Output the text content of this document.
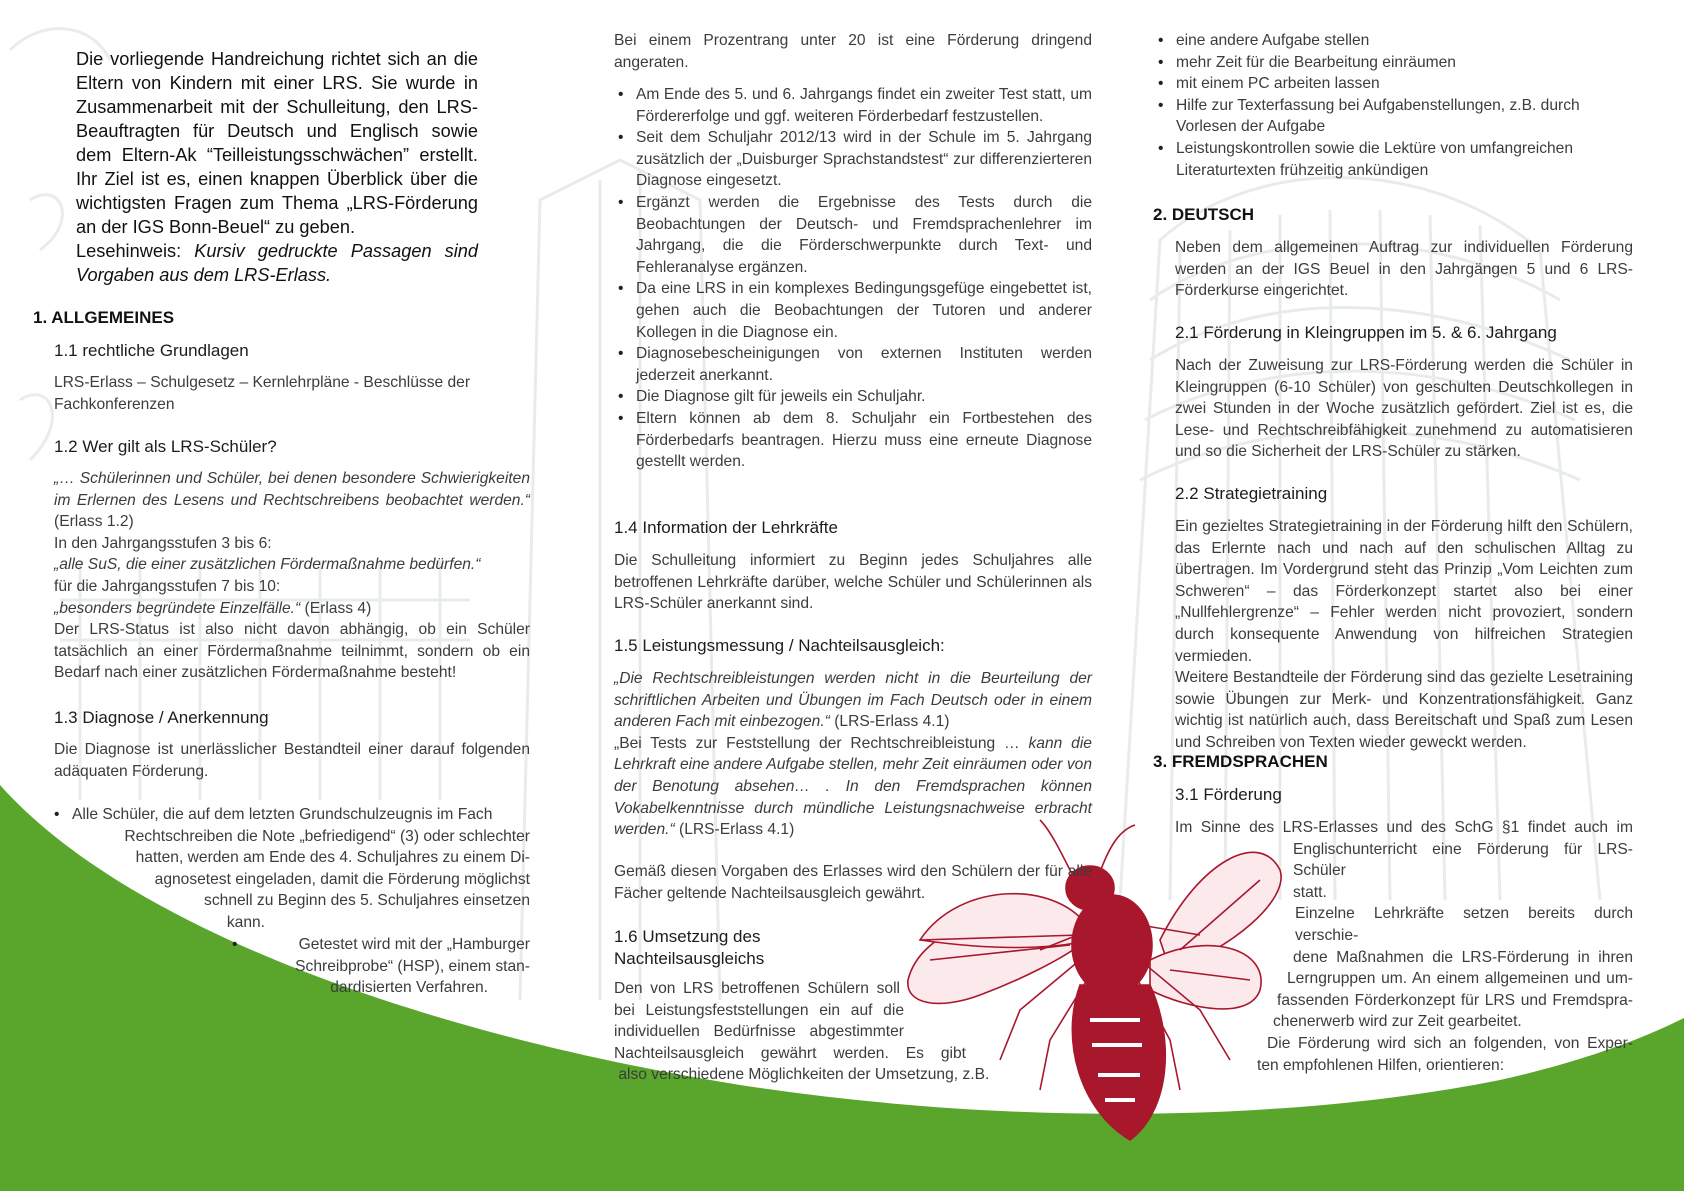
Die vorliegende Handreichung richtet sich an die Eltern von Kindern mit einer LRS. Sie wurde in Zusammenarbeit mit der Schulleitung, den LRS-Beauftragten für Deutsch und Englisch sowie dem Eltern-Ak “Teilleistungsschwächen” erstellt. Ihr Ziel ist es, einen knappen Überblick über die wichtigsten Fragen zum Thema „LRS-Förderung an der IGS Bonn-Beuel“ zu geben.

Lesehinweis: Kursiv gedruckte Passagen sind Vorgaben aus dem LRS-Erlass.

1. ALLGEMEINES
1.1 rechtliche Grundlagen
LRS-Erlass – Schulgesetz – Kernlehrpläne - Beschlüsse der Fachkonferenzen
1.2 Wer gilt als LRS-Schüler?
„… Schülerinnen und Schüler, bei denen besondere Schwierigkeiten im Erlernen des Lesens und Rechtschreibens beobachtet werden.“ (Erlass 1.2)
In den Jahrgangsstufen 3 bis 6:
„alle SuS, die einer zusätzlichen Fördermaßnahme bedürfen.“
für die Jahrgangsstufen 7 bis 10:
„besonders begründete Einzelfälle.“ (Erlass 4)
Der LRS-Status ist also nicht davon abhängig, ob ein Schüler tatsächlich an einer Fördermaßnahme teilnimmt, sondern ob ein Bedarf nach einer zusätzlichen Fördermaßnahme besteht!
1.3 Diagnose / Anerkennung
Die Diagnose ist unerlässlicher Bestandteil einer darauf folgenden adäquaten Förderung.
• Alle Schüler, die auf dem letzten Grundschulzeugnis im Fach
Rechtschreiben die Note „befriedigend“ (3) oder schlechter
hatten, werden am Ende des 4. Schuljahres zu einem Di-
agnosetest eingeladen, damit die Förderung möglichst
schnell zu Beginn des 5. Schuljahres einsetzen
kann.
• Getestet wird mit der „Hamburger
Schreibprobe“ (HSP), einem stan-
dardisierten Verfahren.
Bei einem Prozentrang unter 20 ist eine Förderung dringend angeraten.
• Am Ende des 5. und 6. Jahrgangs findet ein zweiter Test statt, um Fördererfolge und ggf. weiteren Förderbedarf festzustellen.
• Seit dem Schuljahr 2012/13 wird in der Schule im 5. Jahrgang zusätzlich der „Duisburger Sprachstandstest“ zur differenzierteren Diagnose eingesetzt.
• Ergänzt werden die Ergebnisse des Tests durch die Beobachtungen der Deutsch- und Fremdsprachenlehrer im Jahrgang, die die Förderschwerpunkte durch Text- und Fehleranalyse ergänzen.
• Da eine LRS in ein komplexes Bedingungsgefüge eingebettet ist, gehen auch die Beobachtungen der Tutoren und anderer Kollegen in die Diagnose ein.
• Diagnosebescheinigungen von externen Instituten werden jederzeit anerkannt.
• Die Diagnose gilt für jeweils ein Schuljahr.
• Eltern können ab dem 8. Schuljahr ein Fortbestehen des Förderbedarfs beantragen. Hierzu muss eine erneute Diagnose gestellt werden.
1.4 Information der Lehrkräfte
Die Schulleitung informiert zu Beginn jedes Schuljahres alle betroffenen Lehrkräfte darüber, welche Schüler und Schülerinnen als LRS-Schüler anerkannt sind.
1.5 Leistungsmessung / Nachteilsausgleich:
„Die Rechtschreibleistungen werden nicht in die Beurteilung der schriftlichen Arbeiten und Übungen im Fach Deutsch oder in einem anderen Fach mit einbezogen.“ (LRS-Erlass 4.1)
„Bei Tests zur Feststellung der Rechtschreibleistung … kann die Lehrkraft eine andere Aufgabe stellen, mehr Zeit einräumen oder von der Benotung absehen… . In den Fremdsprachen können Vokabelkenntnisse durch mündliche Leistungsnachweise erbracht werden.“ (LRS-Erlass 4.1)
Gemäß diesen Vorgaben des Erlasses wird den Schülern der für alle Fächer geltende Nachteilsausgleich gewährt.
1.6 Umsetzung des
Nachteilsausgleichs
Den von LRS betroffenen Schülern soll
bei Leistungsfeststellungen ein auf die
individuellen Bedürfnisse abgestimmter
Nachteilsausgleich gewährt werden. Es gibt
also verschiedene Möglichkeiten der Umsetzung, z.B.
• eine andere Aufgabe stellen
• mehr Zeit für die Bearbeitung einräumen
• mit einem PC arbeiten lassen
• Hilfe zur Texterfassung bei Aufgabenstellungen, z.B. durch Vorlesen der Aufgabe
• Leistungskontrollen sowie die Lektüre von umfangreichen Literaturtexten frühzeitig ankündigen
2. DEUTSCH
Neben dem allgemeinen Auftrag zur individuellen Förderung werden an der IGS Beuel in den Jahrgängen 5 und 6 LRS- Förderkurse eingerichtet.
2.1 Förderung in Kleingruppen im 5. & 6. Jahrgang
Nach der Zuweisung zur LRS-Förderung werden die Schüler in Kleingruppen (6-10 Schüler) von geschulten Deutschkollegen in zwei Stunden in der Woche zusätzlich gefördert. Ziel ist es, die Lese- und Rechtschreibfähigkeit zunehmend zu automatisieren und so die Sicherheit der LRS-Schüler zu stärken.
2.2 Strategietraining
Ein gezieltes Strategietraining in der Förderung hilft den Schülern, das Erlernte nach und nach auf den schulischen Alltag zu übertragen. Im Vordergrund steht das Prinzip „Vom Leichten zum Schweren“ – das Förderkonzept startet also bei einer „Nullfehlergrenze“ – Fehler werden nicht provoziert, sondern durch konsequente Anwendung von hilfreichen Strategien vermieden.
Weitere Bestandteile der Förderung sind das gezielte Lesetraining sowie Übungen zur Merk- und Konzentrationsfähigkeit. Ganz wichtig ist natürlich auch, dass Bereitschaft und Spaß zum Lesen und Schreiben von Texten wieder geweckt werden.
3. FREMDSPRACHEN
3.1 Förderung
Im Sinne des LRS-Erlasses und des SchG §1 findet auch im
Englischunterricht eine Förderung für LRS-Schüler
statt.
Einzelne Lehrkräfte setzen bereits durch verschie-
dene Maßnahmen die LRS-Förderung in ihren
Lerngruppen um. An einem allgemeinen und um-
fassenden Förderkonzept für LRS und Fremdspra-
chenerwerb wird zur Zeit gearbeitet.
Die Förderung wird sich an folgenden, von Exper-
ten empfohlenen Hilfen, orientieren:
